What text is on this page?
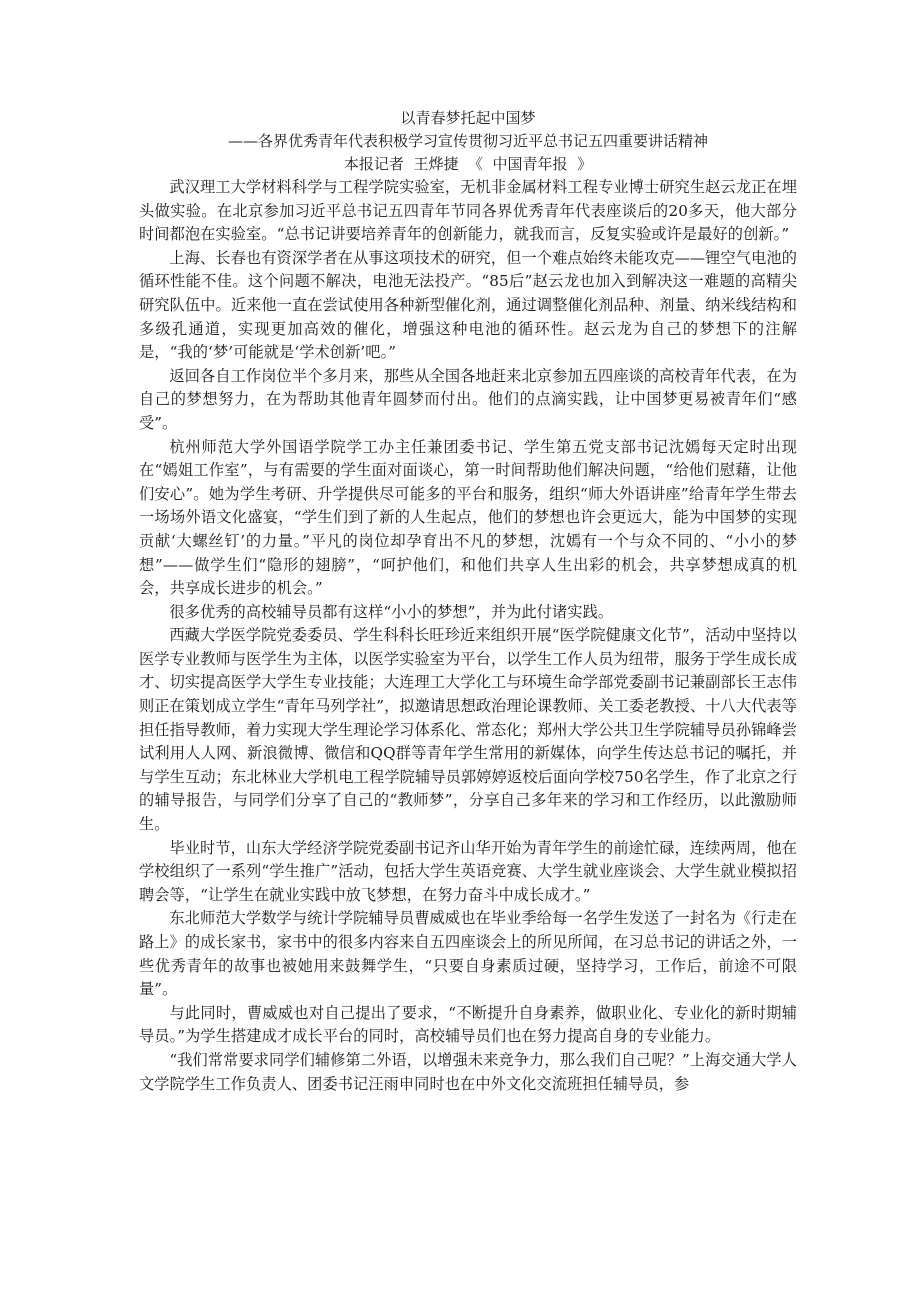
以青春梦托起中国梦

——各界优秀青年代表积极学习宣传贯彻习近平总书记五四重要讲话精神

本报记者  王烨捷  《  中国青年报  》

武汉理工大学材料科学与工程学院实验室，无机非金属材料工程专业博士研究生赵云龙正在埋头做实验。在北京参加习近平总书记五四青年节同各界优秀青年代表座谈后的20多天，他大部分时间都泡在实验室。“总书记讲要培养青年的创新能力，就我而言，反复实验或许是最好的创新。”

上海、长春也有资深学者在从事这项技术的研究，但一个难点始终未能攻克——锂空气电池的循环性能不佳。这个问题不解决，电池无法投产。“85后”赵云龙也加入到解决这一难题的高精尖研究队伍中。近来他一直在尝试使用各种新型催化剂，通过调整催化剂品种、剂量、纳米线结构和多级孔通道，实现更加高效的催化，增强这种电池的循环性。赵云龙为自己的梦想下的注解是，“我的‘梦’可能就是‘学术创新’吧。”

返回各自工作岗位半个多月来，那些从全国各地赶来北京参加五四座谈的高校青年代表，在为自己的梦想努力，在为帮助其他青年圆梦而付出。他们的点滴实践，让中国梦更易被青年们“感受”。

杭州师范大学外国语学院学工办主任兼团委书记、学生第五党支部书记沈嫣每天定时出现在“嫣姐工作室”，与有需要的学生面对面谈心，第一时间帮助他们解决问题，“给他们慰藉，让他们安心”。她为学生考研、升学提供尽可能多的平台和服务，组织“师大外语讲座”给青年学生带去一场场外语文化盛宴，“学生们到了新的人生起点，他们的梦想也许会更远大，能为中国梦的实现贡献‘大螺丝钉’的力量。”平凡的岗位却孕育出不凡的梦想，沈嫣有一个与众不同的、“小小的梦想”——做学生们“隐形的翅膀”，“呵护他们，和他们共享人生出彩的机会，共享梦想成真的机会，共享成长进步的机会。”

很多优秀的高校辅导员都有这样“小小的梦想”，并为此付诸实践。

西藏大学医学院党委委员、学生科科长旺珍近来组织开展“医学院健康文化节”，活动中坚持以医学专业教师与医学生为主体，以医学实验室为平台，以学生工作人员为纽带，服务于学生成长成才、切实提高医学大学生专业技能；大连理工大学化工与环境生命学部党委副书记兼副部长王志伟则正在策划成立学生“青年马列学社”，拟邀请思想政治理论课教师、关工委老教授、十八大代表等担任指导教师，着力实现大学生理论学习体系化、常态化；郑州大学公共卫生学院辅导员孙锦峰尝试利用人人网、新浪微博、微信和QQ群等青年学生常用的新媒体，向学生传达总书记的嘱托，并与学生互动；东北林业大学机电工程学院辅导员郭婷婷返校后面向学校750名学生，作了北京之行的辅导报告，与同学们分享了自己的“教师梦”，分享自己多年来的学习和工作经历，以此激励师生。

毕业时节，山东大学经济学院党委副书记齐山华开始为青年学生的前途忙碌，连续两周，他在学校组织了一系列“学生推广”活动，包括大学生英语竞赛、大学生就业座谈会、大学生就业模拟招聘会等，“让学生在就业实践中放飞梦想，在努力奋斗中成长成才。”

东北师范大学数学与统计学院辅导员曹威威也在毕业季给每一名学生发送了一封名为《行走在路上》的成长家书，家书中的很多内容来自五四座谈会上的所见所闻，在习总书记的讲话之外，一些优秀青年的故事也被她用来鼓舞学生，“只要自身素质过硬，坚持学习，工作后，前途不可限量”。

与此同时，曹威威也对自己提出了要求，“不断提升自身素养，做职业化、专业化的新时期辅导员。”为学生搭建成才成长平台的同时，高校辅导员们也在努力提高自身的专业能力。

“我们常常要求同学们辅修第二外语，以增强未来竞争力，那么我们自己呢？”上海交通大学人文学院学生工作负责人、团委书记汪雨申同时也在中外文化交流班担任辅导员，参
